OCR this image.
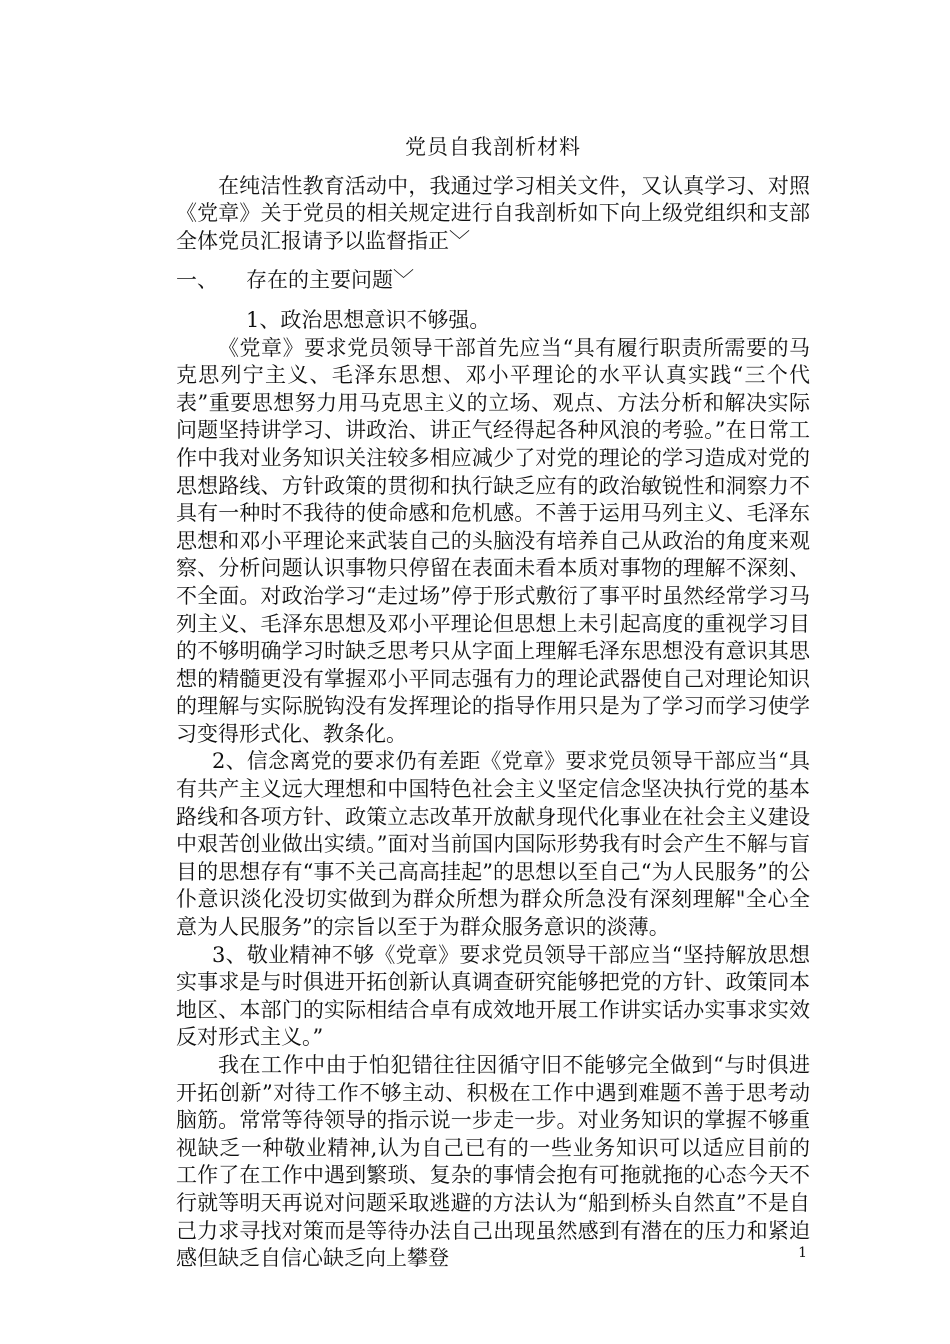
党员自我剖析材料

在纯洁性教育活动中，我通过学习相关文件，又认真学习、对照《党章》关于党员的相关规定进行自我剖析如下向上级党组织和支部全体党员汇报请予以监督指正﹀

一、 存在的主要问题﹀

1、政治思想意识不够强。

《党章》要求党员领导干部首先应当“具有履行职责所需要的马克思列宁主义、毛泽东思想、邓小平理论的水平认真实践“三个代表”重要思想努力用马克思主义的立场、观点、方法分析和解决实际问题坚持讲学习、讲政治、讲正气经得起各种风浪的考验。”在日常工作中我对业务知识关注较多相应减少了对党的理论的学习造成对党的思想路线、方针政策的贯彻和执行缺乏应有的政治敏锐性和洞察力不具有一种时不我待的使命感和危机感。不善于运用马列主义、毛泽东思想和邓小平理论来武装自己的头脑没有培养自己从政治的角度来观察、分析问题认识事物只停留在表面未看本质对事物的理解不深刻、不全面。对政治学习“走过场”停于形式敷衍了事平时虽然经常学习马列主义、毛泽东思想及邓小平理论但思想上未引起高度的重视学习目的不够明确学习时缺乏思考只从字面上理解毛泽东思想没有意识其思想的精髓更没有掌握邓小平同志强有力的理论武器使自己对理论知识的理解与实际脱钩没有发挥理论的指导作用只是为了学习而学习使学习变得形式化、教条化。

2、信念离党的要求仍有差距《党章》要求党员领导干部应当“具有共产主义远大理想和中国特色社会主义坚定信念坚决执行党的基本路线和各项方针、政策立志改革开放献身现代化事业在社会主义建设中艰苦创业做出实绩。”面对当前国内国际形势我有时会产生不解与盲目的思想存有“事不关己高高挂起”的思想以至自己“为人民服务”的公仆意识淡化没切实做到为群众所想为群众所急没有深刻理解"全心全意为人民服务”的宗旨以至于为群众服务意识的淡薄。

3、敬业精神不够《党章》要求党员领导干部应当“坚持解放思想实事求是与时俱进开拓创新认真调查研究能够把党的方针、政策同本地区、本部门的实际相结合卓有成效地开展工作讲实话办实事求实效反对形式主义。”

我在工作中由于怕犯错往往因循守旧不能够完全做到“与时俱进开拓创新”对待工作不够主动、积极在工作中遇到难题不善于思考动脑筋。常常等待领导的指示说一步走一步。对业务知识的掌握不够重视缺乏一种敬业精神,认为自己已有的一些业务知识可以适应目前的工作了在工作中遇到繁琐、复杂的事情会抱有可拖就拖的心态今天不行就等明天再说对问题采取逃避的方法认为“船到桥头自然直”不是自己力求寻找对策而是等待办法自己出现虽然感到有潜在的压力和紧迫感但缺乏自信心缺乏向上攀登	1
